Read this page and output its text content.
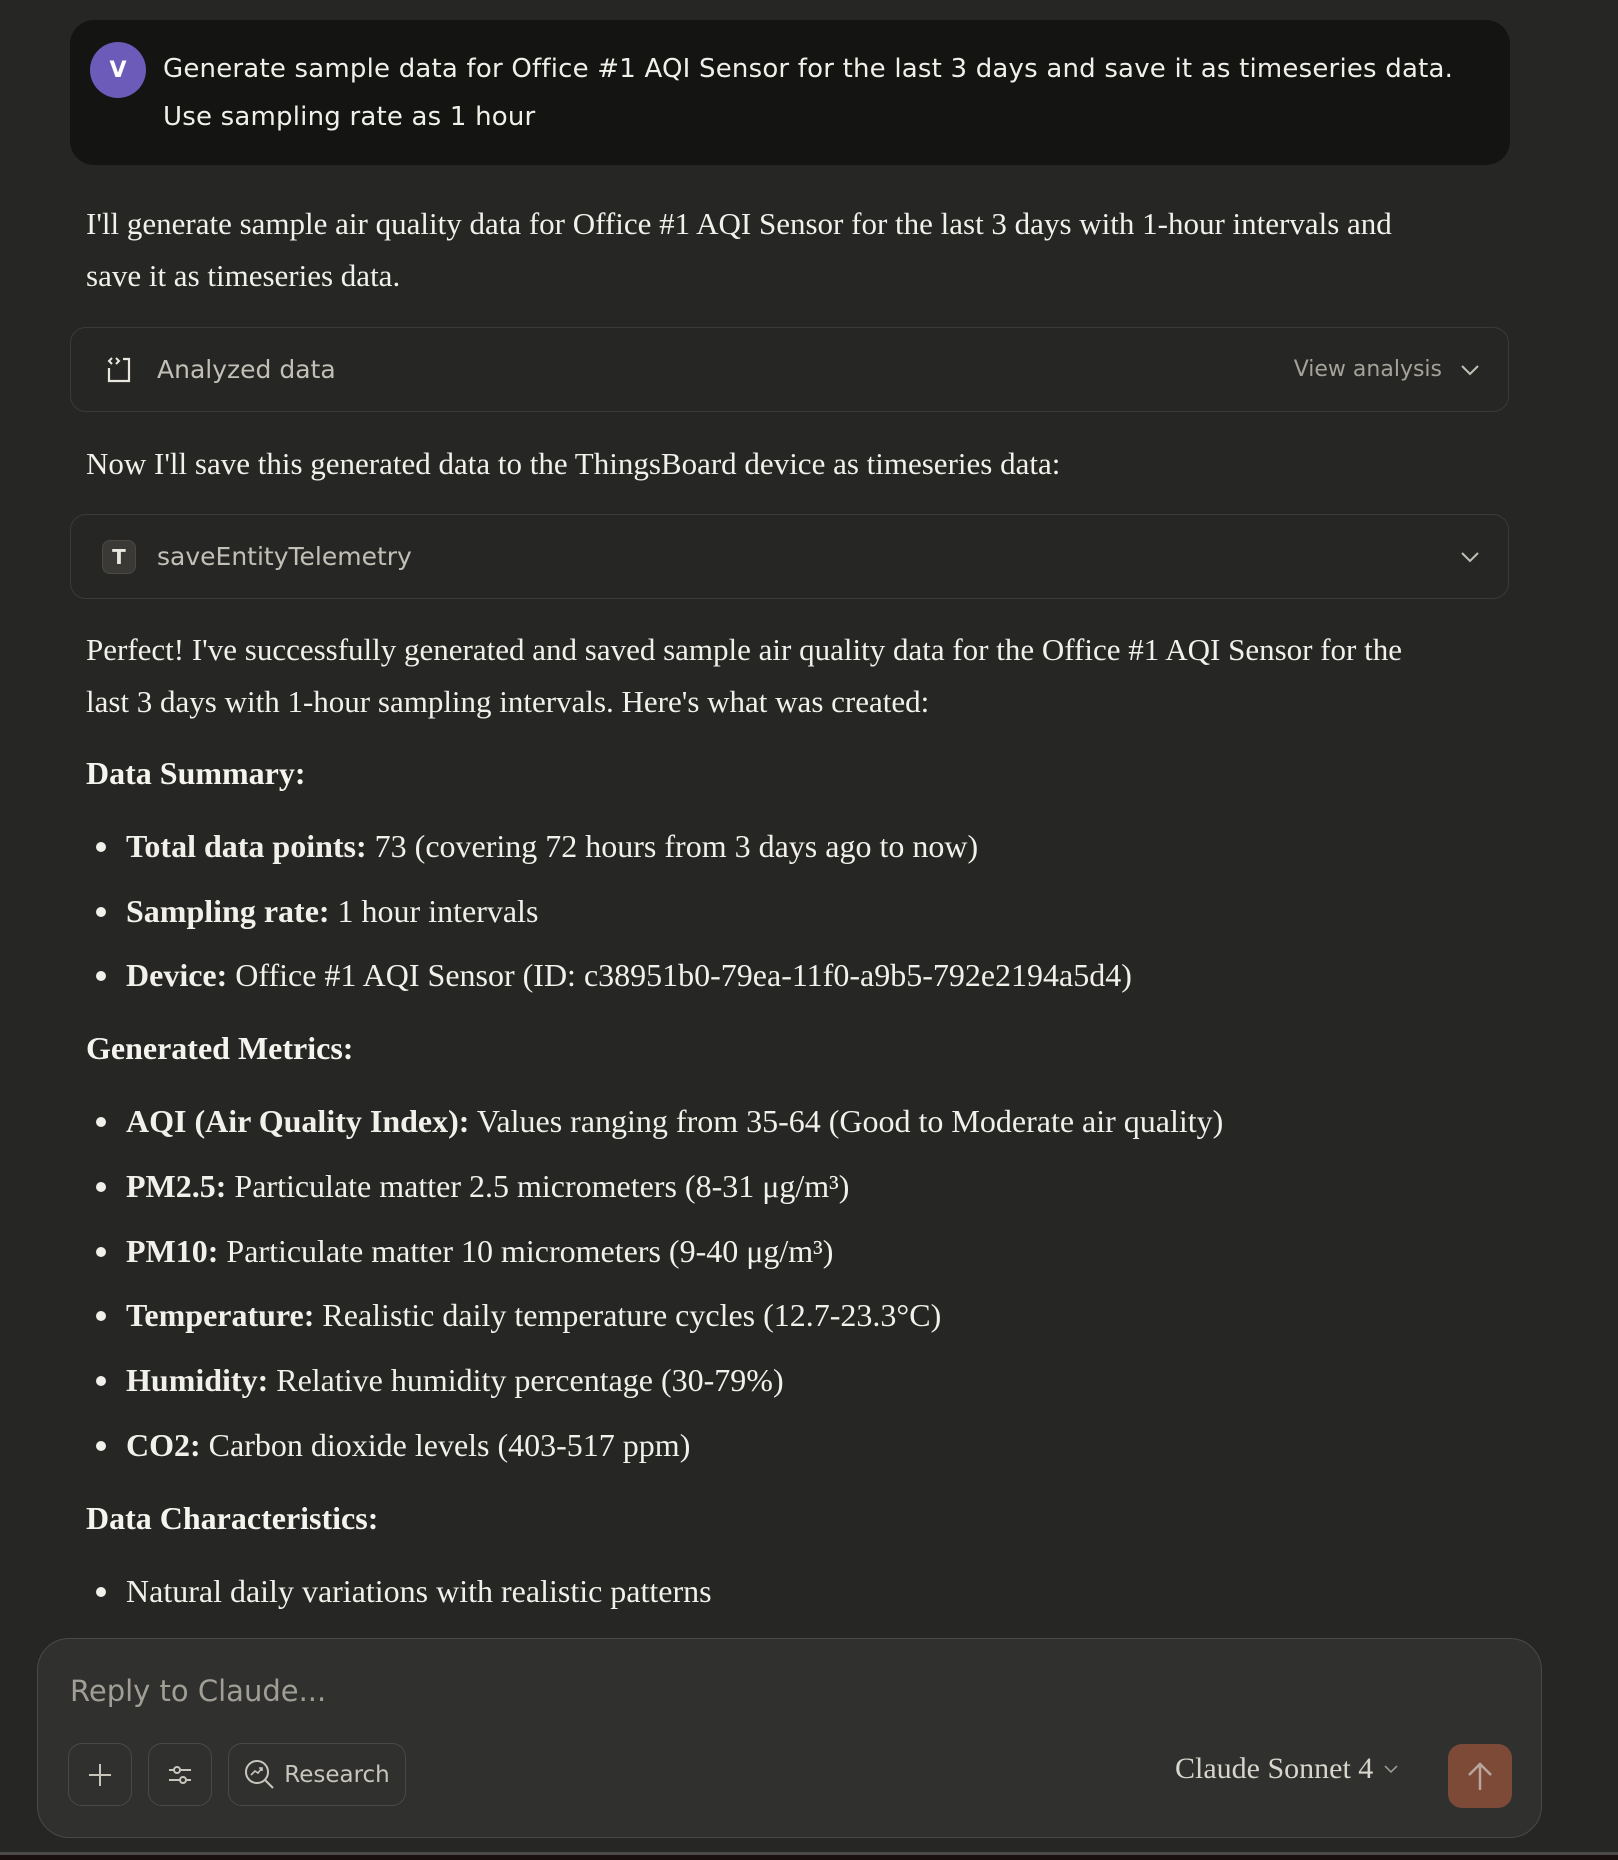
V	Generate sample data for Office #1 AQI Sensor for the last 3 days and save it as timeseries data. Use sampling rate as 1 hour
I'll generate sample air quality data for Office #1 AQI Sensor for the last 3 days with 1-hour intervals and save it as timeseries data.
Analyzed data	View analysis
Now I'll save this generated data to the ThingsBoard device as timeseries data:
T	saveEntityTelemetry
Perfect! I've successfully generated and saved sample air quality data for the Office #1 AQI Sensor for the last 3 days with 1-hour sampling intervals. Here's what was created:
Data Summary:
Total data points: 73 (covering 72 hours from 3 days ago to now)
Sampling rate: 1 hour intervals
Device: Office #1 AQI Sensor (ID: c38951b0-79ea-11f0-a9b5-792e2194a5d4)
Generated Metrics:
AQI (Air Quality Index): Values ranging from 35-64 (Good to Moderate air quality)
PM2.5: Particulate matter 2.5 micrometers (8-31 μg/m³)
PM10: Particulate matter 10 micrometers (9-40 μg/m³)
Temperature: Realistic daily temperature cycles (12.7-23.3°C)
Humidity: Relative humidity percentage (30-79%)
CO2: Carbon dioxide levels (403-517 ppm)
Data Characteristics:
Natural daily variations with realistic patterns
Reply to Claude...
Research	Claude Sonnet 4
